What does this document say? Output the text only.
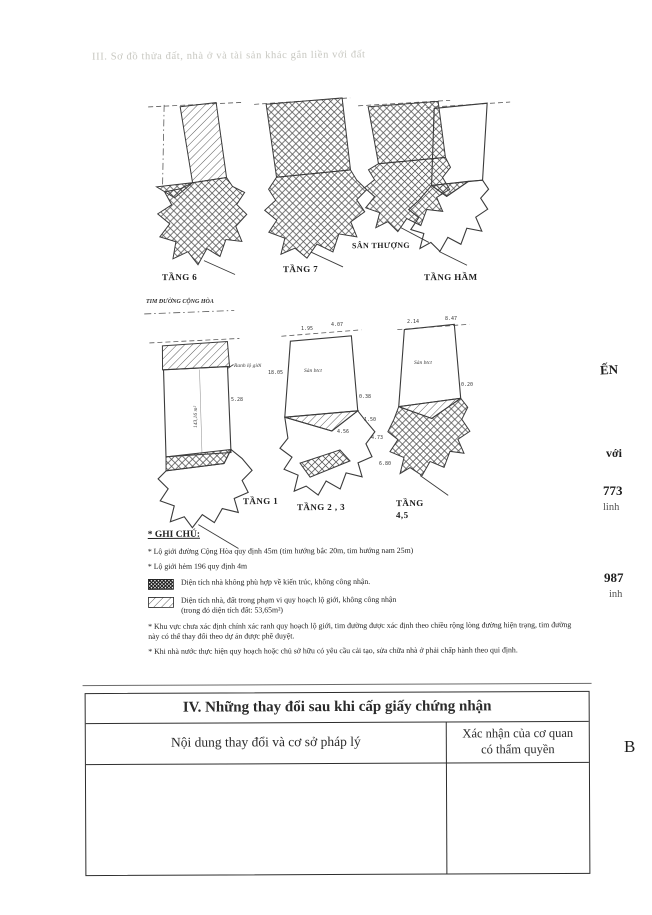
III. Sơ đồ thửa đất, nhà ở và tài sản khác gắn liền với đất
TẦNG 6
TẦNG 7
SÂN THƯỢNG
TẦNG HẦM
TẦNG 1
TẦNG 2 , 3	TẦNG
4,5
TIM ĐƯỜNG CỘNG HÒA
Ranh lộ giới
Sàn btct
Sàn btct
143,16 m²
1.95
4.07
0.38
18.05
4.73
6.80
4.56
1.50
0.20
5.28
2.14	8.47
* GHI CHÚ:

* Lộ giới đường Cộng Hòa quy định 45m (tim hướng bắc 20m, tim hướng nam 25m)

* Lộ giới hẻm 196 quy định 4m

Diện tích nhà không phù hợp về kiến trúc, không công nhận.
Diện tích nhà, đất trong phạm vi quy hoạch lộ giới, không công nhận
(trong đó diện tích đất: 53,65m²)

* Khu vực chưa xác định chính xác ranh quy hoạch lộ giới, tim đường được xác định theo chiều rộng lòng đường hiện trạng, tim đường này có thể thay đổi theo dự án được phê duyệt.

* Khi nhà nước thực hiện quy hoạch hoặc chủ sở hữu có yêu cầu cải tạo, sửa chữa nhà ở phải chấp hành theo qui định.

IV. Những thay đổi sau khi cấp giấy chứng nhận
Nội dung thay đổi và cơ sở pháp lý
Xác nhận của cơ quan có thẩm quyền
ẾN
với
773
linh
987
inh
B
